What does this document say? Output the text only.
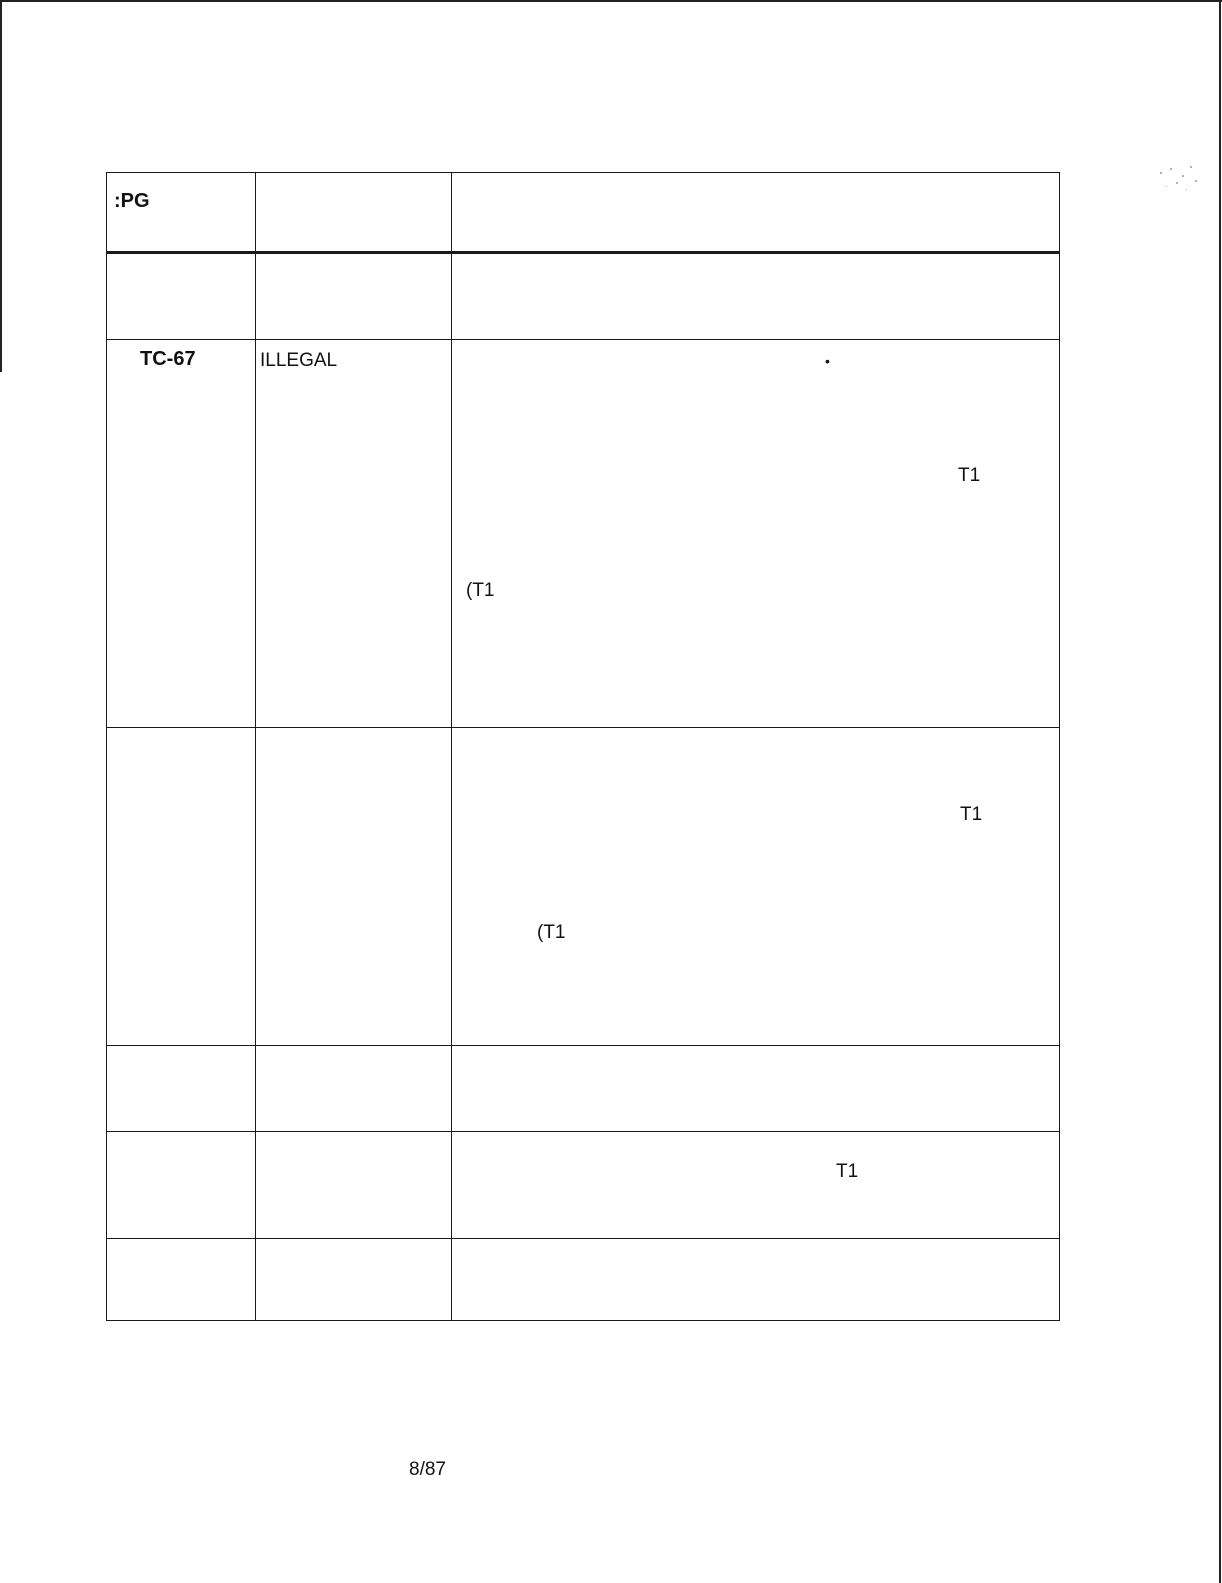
:PG
TC-67	ILLEGAL	•
T1
(T1
T1
(T1
T1
8/87
